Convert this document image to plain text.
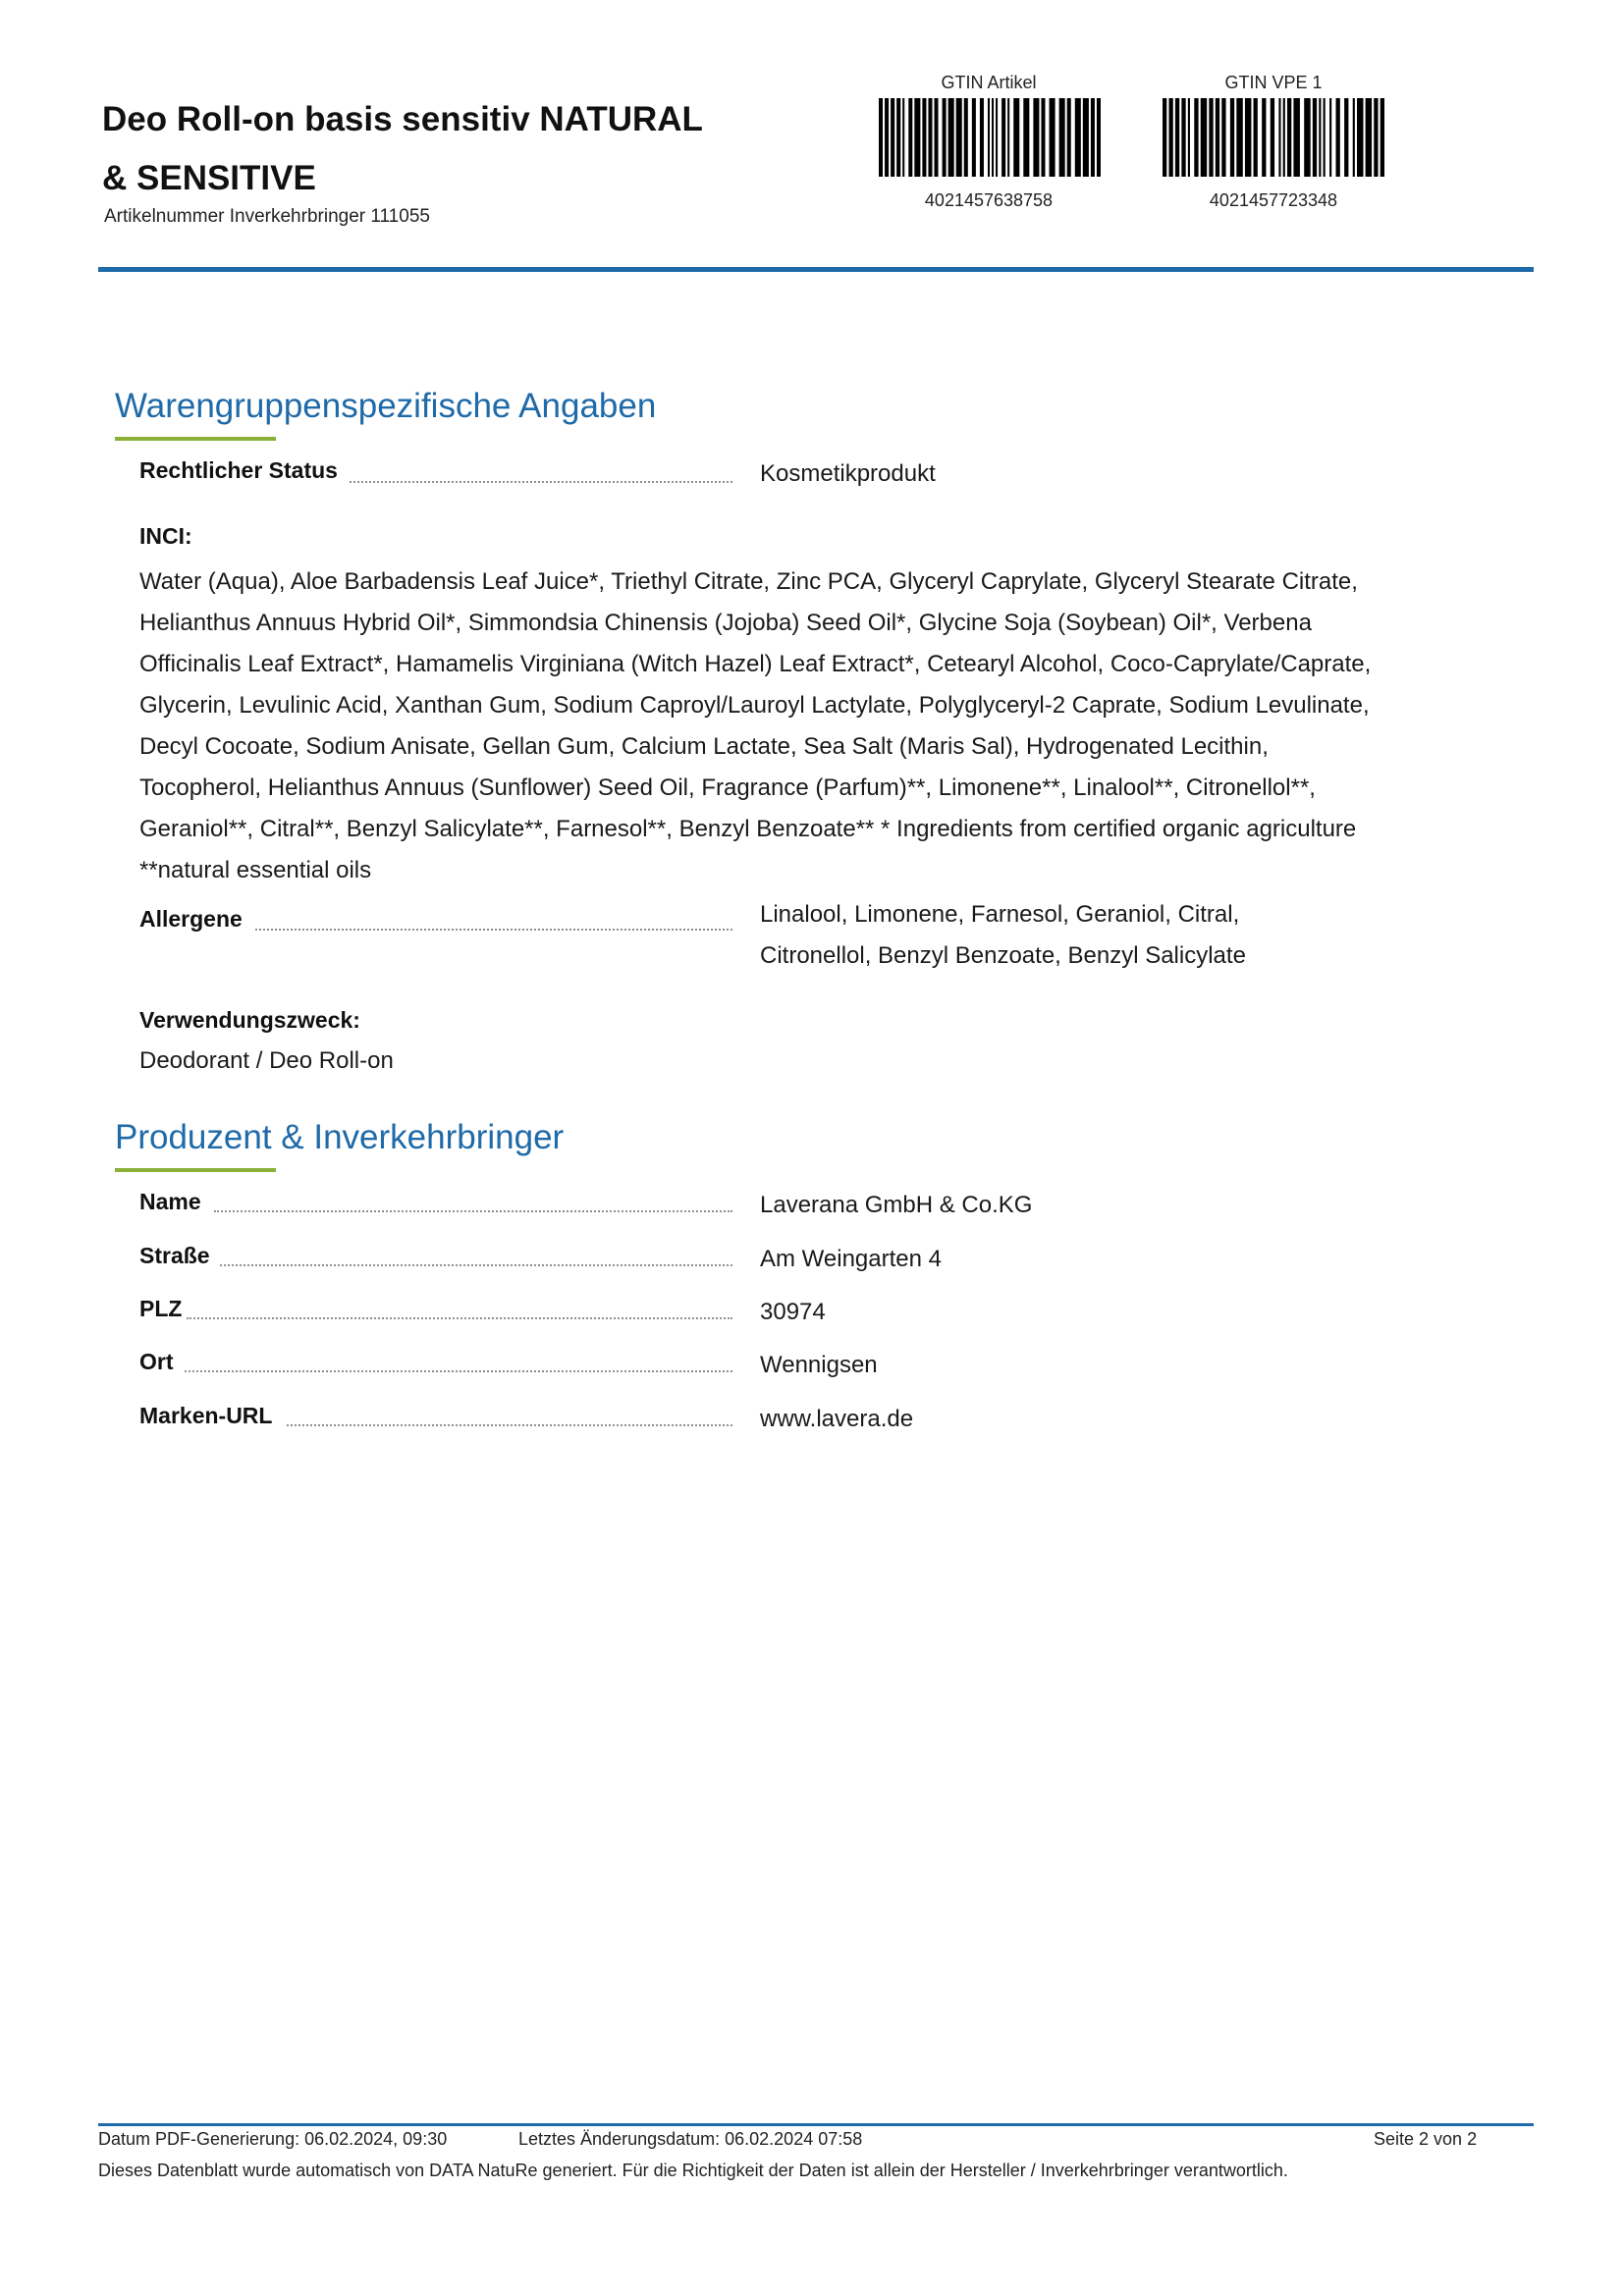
Deo Roll-on basis sensitiv NATURAL & SENSITIVE
Artikelnummer Inverkehrbringer 111055
GTIN Artikel
4021457638758
GTIN VPE 1
4021457723348
Warengruppenspezifische Angaben
Rechtlicher Status	Kosmetikprodukt
INCI:
Water (Aqua), Aloe Barbadensis Leaf Juice*, Triethyl Citrate, Zinc PCA, Glyceryl Caprylate, Glyceryl Stearate Citrate, Helianthus Annuus Hybrid Oil*, Simmondsia Chinensis (Jojoba) Seed Oil*, Glycine Soja (Soybean) Oil*, Verbena Officinalis Leaf Extract*, Hamamelis Virginiana (Witch Hazel) Leaf Extract*, Cetearyl Alcohol, Coco-Caprylate/Caprate, Glycerin, Levulinic Acid, Xanthan Gum, Sodium Caproyl/Lauroyl Lactylate, Polyglyceryl-2 Caprate, Sodium Levulinate, Decyl Cocoate, Sodium Anisate, Gellan Gum, Calcium Lactate, Sea Salt (Maris Sal), Hydrogenated Lecithin, Tocopherol, Helianthus Annuus (Sunflower) Seed Oil, Fragrance (Parfum)**, Limonene**, Linalool**, Citronellol**, Geraniol**, Citral**, Benzyl Salicylate**, Farnesol**, Benzyl Benzoate** * Ingredients from certified organic agriculture **natural essential oils
Allergene	Linalool, Limonene, Farnesol, Geraniol, Citral, Citronellol, Benzyl Benzoate, Benzyl Salicylate
Verwendungszweck:
Deodorant / Deo Roll-on
Produzent & Inverkehrbringer
Name	Laverana GmbH & Co.KG
Straße	Am Weingarten 4
PLZ	30974
Ort	Wennigsen
Marken-URL	www.lavera.de
Datum PDF-Generierung: 06.02.2024, 09:30	Letztes Änderungsdatum: 06.02.2024 07:58	Seite 2 von 2
Dieses Datenblatt wurde automatisch von DATA NatuRe generiert. Für die Richtigkeit der Daten ist allein der Hersteller / Inverkehrbringer verantwortlich.
